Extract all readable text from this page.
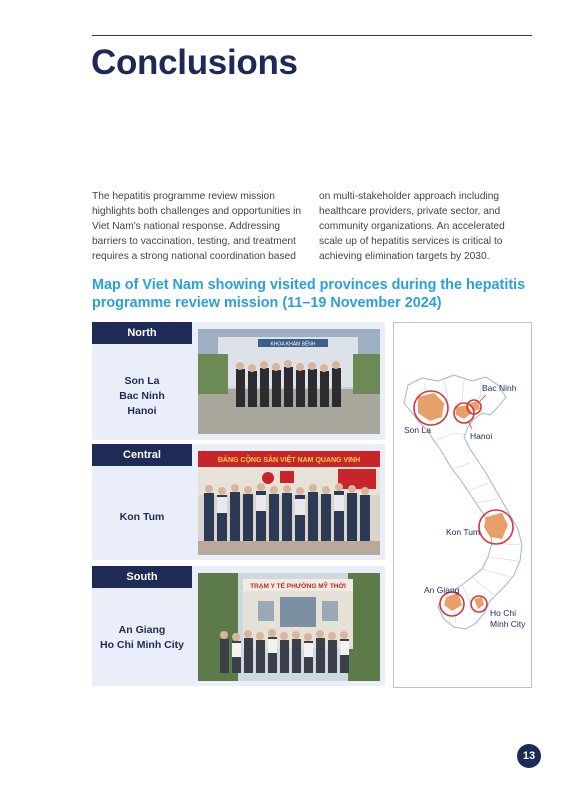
Conclusions

The hepatitis programme review mission highlights both challenges and opportunities in Viet Nam's national response. Addressing barriers to vaccination, testing, and treatment requires a strong national coordination based

on multi-stakeholder approach including healthcare providers, private sector, and community organizations. An accelerated scale up of hepatitis services is critical to achieving elimination targets by 2030.

Map of Viet Nam showing visited provinces during the hepatitis programme review mission (11–19 November 2024)
North
Son La
Bac Ninh
Hanoi
KHOA KHÁM BỆNH
Central
Kon Tum
ĐẢNG CỘNG SẢN VIỆT NAM QUANG VINH
South
An Giang
Ho Chi Minh City
TRẠM Y TẾ PHƯỜNG MỸ THỚI
Bac Ninh
Son La
Hanoi
Kon Tum
An Giang
Ho Chi
Minh City
13
